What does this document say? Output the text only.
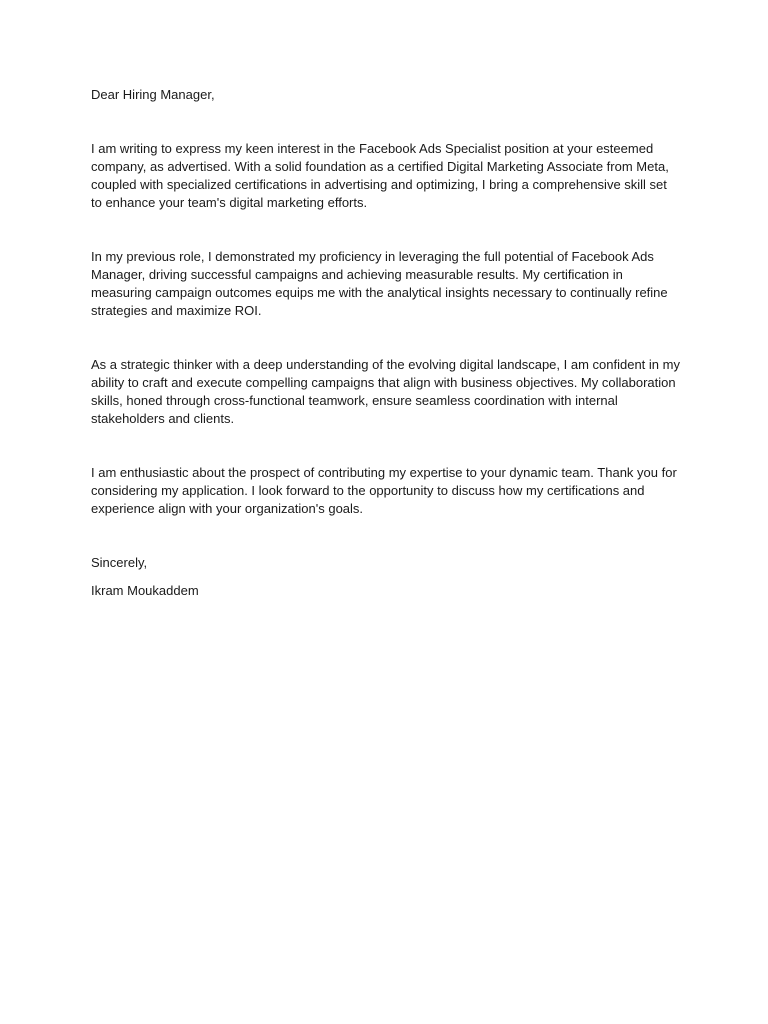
Dear Hiring Manager,

I am writing to express my keen interest in the Facebook Ads Specialist position at your esteemed company, as advertised. With a solid foundation as a certified Digital Marketing Associate from Meta, coupled with specialized certifications in advertising and optimizing, I bring a comprehensive skill set to enhance your team's digital marketing efforts.

In my previous role, I demonstrated my proficiency in leveraging the full potential of Facebook Ads Manager, driving successful campaigns and achieving measurable results. My certification in measuring campaign outcomes equips me with the analytical insights necessary to continually refine strategies and maximize ROI.

As a strategic thinker with a deep understanding of the evolving digital landscape, I am confident in my ability to craft and execute compelling campaigns that align with business objectives. My collaboration skills, honed through cross-functional teamwork, ensure seamless coordination with internal stakeholders and clients.

I am enthusiastic about the prospect of contributing my expertise to your dynamic team. Thank you for considering my application. I look forward to the opportunity to discuss how my certifications and experience align with your organization's goals.

Sincerely,

Ikram Moukaddem
